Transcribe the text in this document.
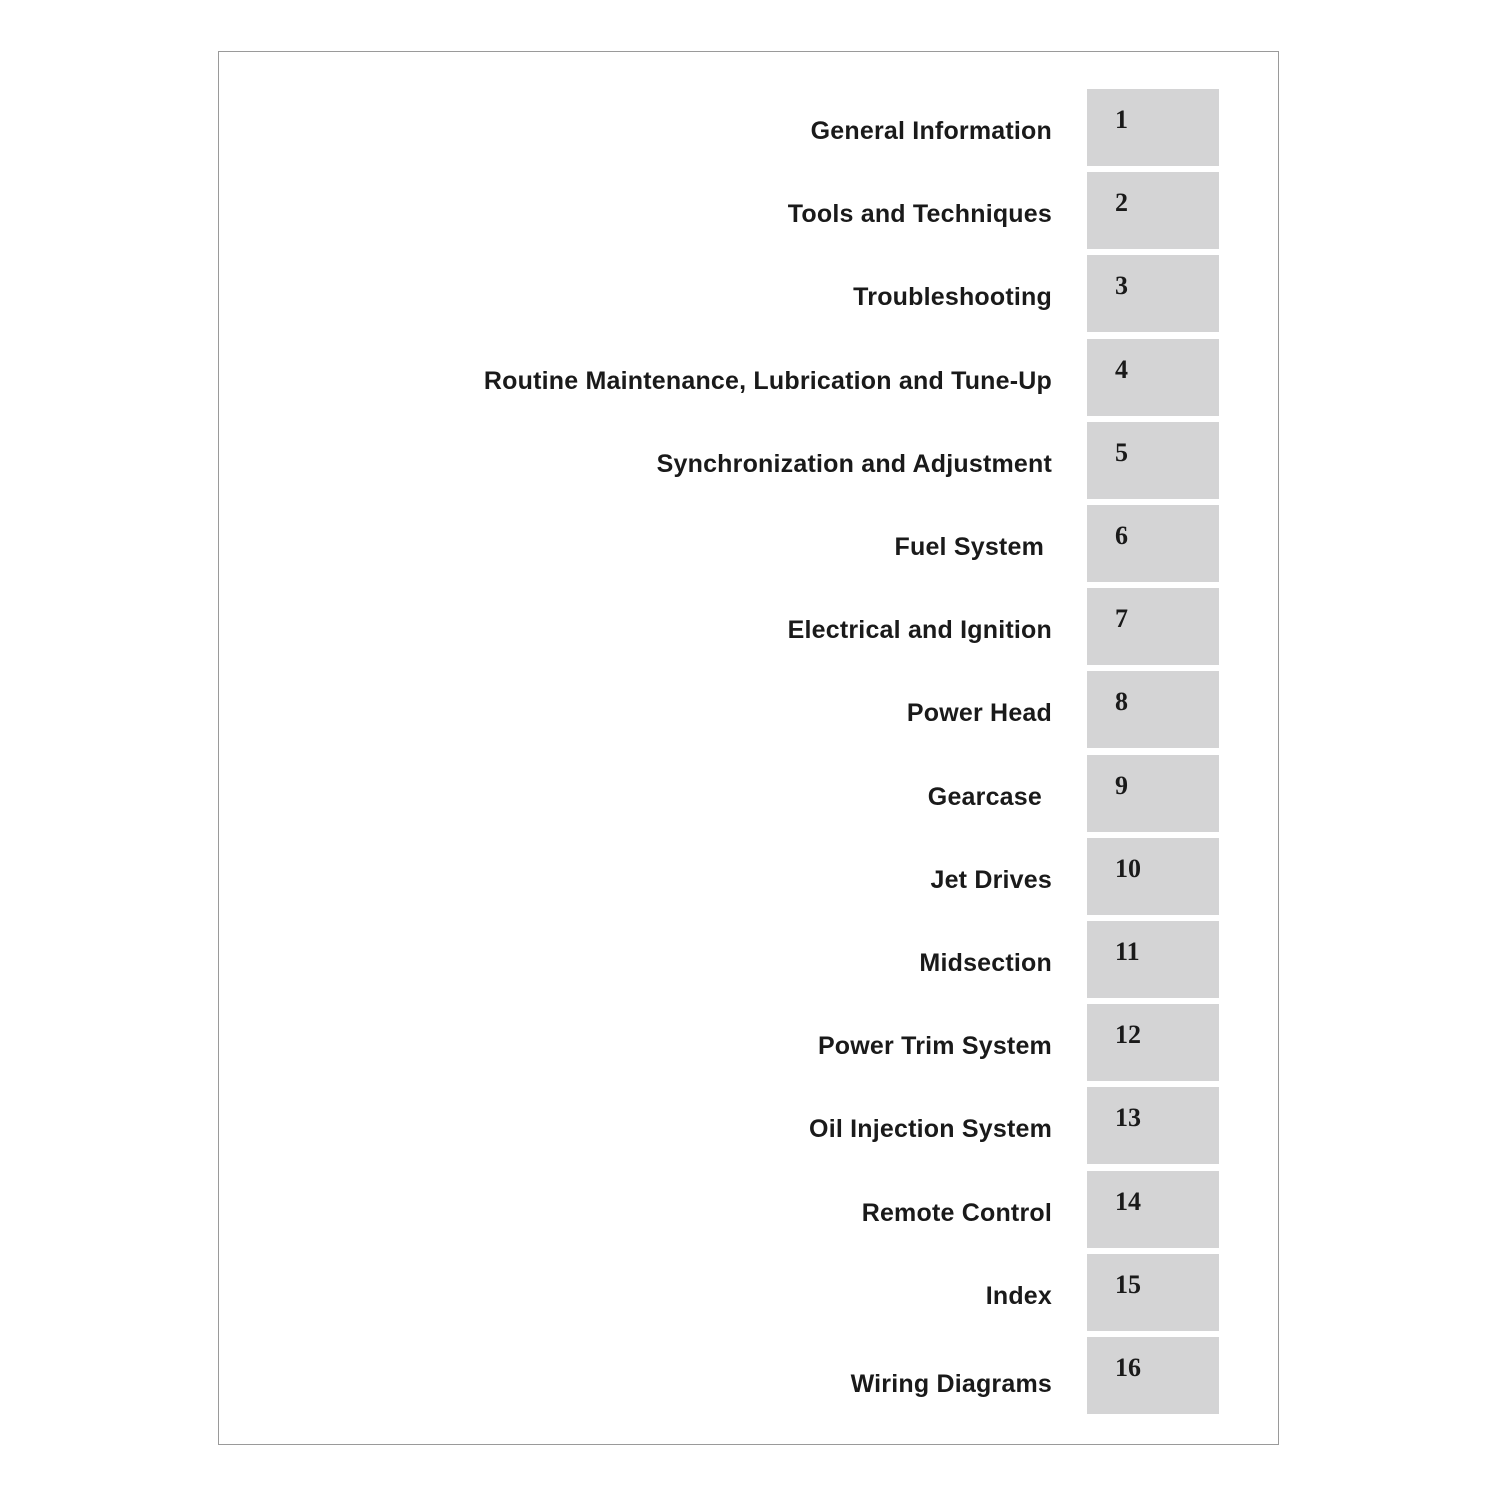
General Information 1
Tools and Techniques 2
Troubleshooting 3
Routine Maintenance, Lubrication and Tune-Up 4
Synchronization and Adjustment 5
Fuel System	6
Electrical and Ignition 7
Power Head 8
Gearcase	9
Jet Drives 10
Midsection 11
Power Trim System 12
Oil Injection System 13
Remote Control 14
Index 15
Wiring Diagrams
16
